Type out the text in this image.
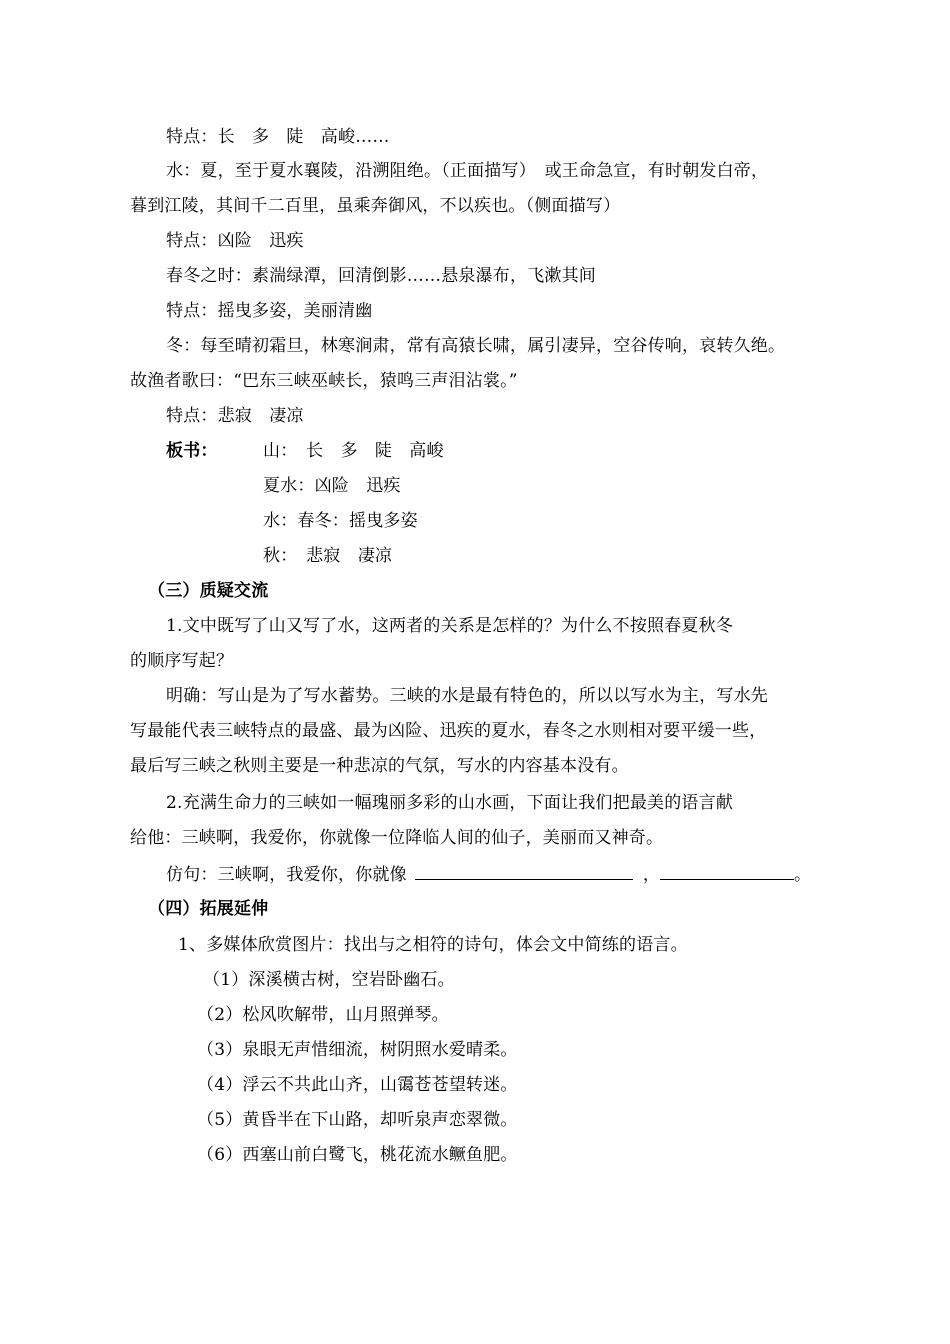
特点：长　多　陡　高峻……
水：夏，至于夏水襄陵，沿溯阻绝。（正面描写）　或王命急宣，有时朝发白帝，
暮到江陵，其间千二百里，虽乘奔御风，不以疾也。（侧面描写）
特点：凶险　迅疾
春冬之时：素湍绿潭，回清倒影……悬泉瀑布，飞漱其间
特点：摇曳多姿，美丽清幽
冬：每至晴初霜旦，林寒涧肃，常有高猿长啸，属引凄异，空谷传响，哀转久绝。
故渔者歌曰：“巴东三峡巫峡长，猿鸣三声泪沾裳。”
特点：悲寂　凄凉
板书：	山：　长　多　陡　高峻
夏水：凶险　迅疾
水：春冬：摇曳多姿
秋：　悲寂　凄凉
（三）质疑交流
1.文中既写了山又写了水，这两者的关系是怎样的？为什么不按照春夏秋冬
的顺序写起？
明确：写山是为了写水蓄势。三峡的水是最有特色的，所以以写水为主，写水先
写最能代表三峡特点的最盛、最为凶险、迅疾的夏水，春冬之水则相对要平缓一些，
最后写三峡之秋则主要是一种悲凉的气氛，写水的内容基本没有。
2.充满生命力的三峡如一幅瑰丽多彩的山水画，下面让我们把最美的语言献
给他：三峡啊，我爱你，你就像一位降临人间的仙子，美丽而又神奇。
仿句：三峡啊，我爱你，你就像	，	。
（四）拓展延伸
1、多媒体欣赏图片：找出与之相符的诗句，体会文中简练的语言。
（1）深溪横古树，空岩卧幽石。
（2）松风吹解带，山月照弹琴。
（3）泉眼无声惜细流，树阴照水爱晴柔。
（4）浮云不共此山齐，山霭苍苍望转迷。
（5）黄昏半在下山路，却听泉声恋翠微。
（6）西塞山前白鹭飞，桃花流水鳜鱼肥。
